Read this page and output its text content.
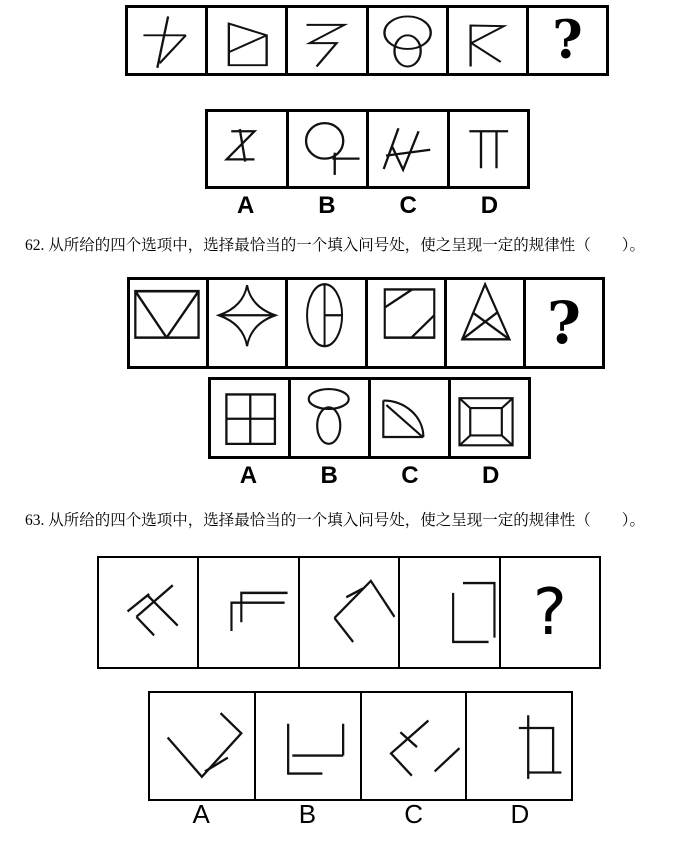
?
A	B	C	D
62. 从所给的四个选项中，选择最恰当的一个填入问号处，使之呈现一定的规律性（　　）。
?
A	B	C	D
63. 从所给的四个选项中，选择最恰当的一个填入问号处，使之呈现一定的规律性（　　）。
?
A	B	C	D
